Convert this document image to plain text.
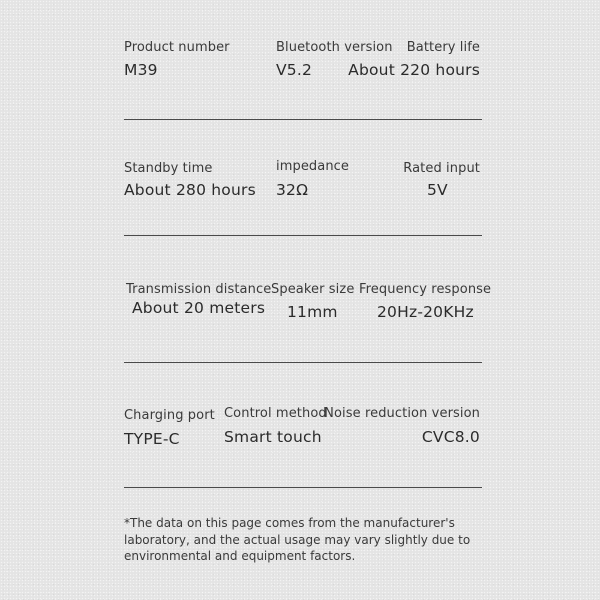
Product number
M39
Bluetooth version
V5.2
Battery life
About 220 hours
Standby time
About 280 hours
impedance
32Ω
Rated input
5V
Transmission distance
About 20 meters
Speaker size
11mm
Frequency response
20Hz-20KHz
Charging port
TYPE-C
Control method
Smart touch
Noise reduction version
CVC8.0
*The data on this page comes from the manufacturer's laboratory, and the actual usage may vary slightly due to environmental and equipment factors.
